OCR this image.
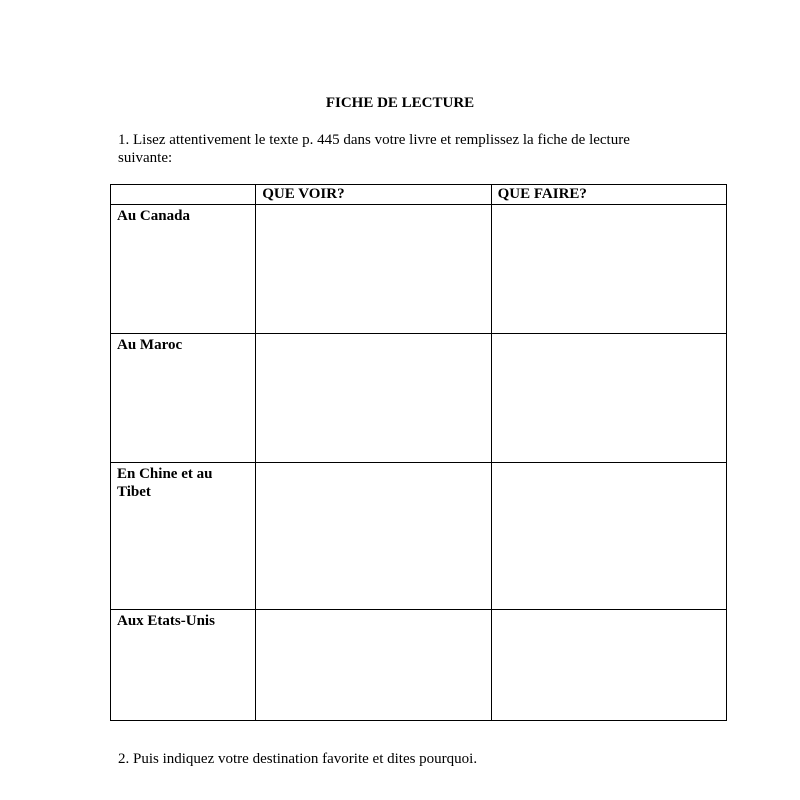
FICHE DE LECTURE
1. Lisez attentivement le texte p. 445 dans votre livre et remplissez la fiche de lecture suivante:
	QUE VOIR?	QUE FAIRE?
Au Canada		
Au Maroc		
En Chine et au Tibet		
Aux Etats-Unis		
2. Puis indiquez votre destination favorite et dites pourquoi.
